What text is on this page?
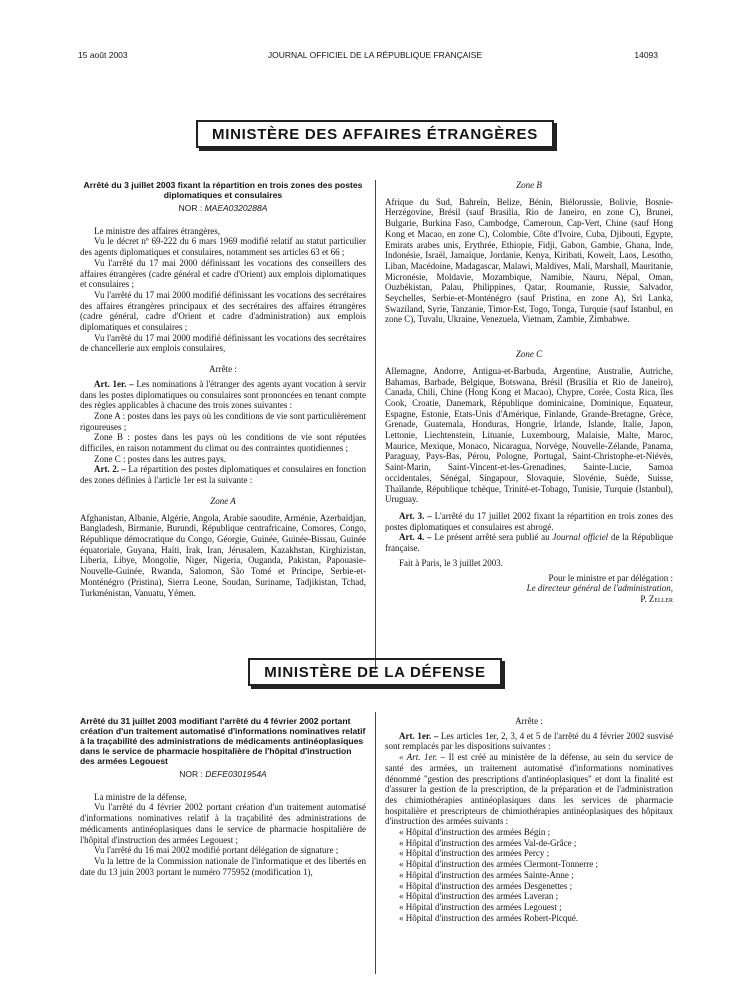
15 août 2003	JOURNAL OFFICIEL DE LA RÉPUBLIQUE FRANÇAISE	14093
MINISTÈRE DES AFFAIRES ÉTRANGÈRES

Arrêté du 3 juillet 2003 fixant la répartition en trois zones des postes diplomatiques et consulaires

NOR : MAEA0320288A

Le ministre des affaires étrangères,

Vu le décret nº 69-222 du 6 mars 1969 modifié relatif au statut particulier des agents diplomatiques et consulaires, notamment ses articles 63 et 66 ;

Vu l'arrêté du 17 mai 2000 définissant les vocations des conseillers des affaires étrangères (cadre général et cadre d'Orient) aux emplois diplomatiques et consulaires ;

Vu l'arrêté du 17 mai 2000 modifié définissant les vocations des secrétaires des affaires étrangères principaux et des secrétaires des affaires étrangères (cadre général, cadre d'Orient et cadre d'administration) aux emplois diplomatiques et consulaires ;

Vu l'arrêté du 17 mai 2000 modifié définissant les vocations des secrétaires de chancellerie aux emplois consulaires,

Arrête :

Art. 1er. – Les nominations à l'étranger des agents ayant vocation à servir dans les postes diplomatiques ou consulaires sont prononcées en tenant compte des règles applicables à chacune des trois zones suivantes :

Zone A : postes dans les pays où les conditions de vie sont particulièrement rigoureuses ;

Zone B : postes dans les pays où les conditions de vie sont réputées difficiles, en raison notamment du climat ou des contraintes quotidiennes ;

Zone C : postes dans les autres pays.

Art. 2. – La répartition des postes diplomatiques et consulaires en fonction des zones définies à l'article 1er est la suivante :

Zone A

Afghanistan, Albanie, Algérie, Angola, Arabie saoudite, Arménie, Azerbaïdjan, Bangladesh, Birmanie, Burundi, République centrafricaine, Comores, Congo, République démocratique du Congo, Géorgie, Guinée, Guinée-Bissau, Guinée équatoriale, Guyana, Haïti, Irak, Iran, Jérusalem, Kazakhstan, Kirghizistan, Liberia, Libye, Mongolie, Niger, Nigeria, Ouganda, Pakistan, Papouasie-Nouvelle-Guinée, Rwanda, Salomon, São Tomé et Príncipe, Serbie-et-Monténégro (Pristina), Sierra Leone, Soudan, Suriname, Tadjikistan, Tchad, Turkménistan, Vanuatu, Yémen.

Zone B

Afrique du Sud, Bahreïn, Belize, Bénin, Biélorussie, Bolivie, Bosnie-Herzégovine, Brésil (sauf Brasilia, Rio de Janeiro, en zone C), Brunei, Bulgarie, Burkina Faso, Cambodge, Cameroun, Cap-Vert, Chine (sauf Hong Kong et Macao, en zone C), Colombie, Côte d'Ivoire, Cuba, Djibouti, Egypte, Emirats arabes unis, Erythrée, Ethiopie, Fidji, Gabon, Gambie, Ghana, Inde, Indonésie, Israël, Jamaïque, Jordanie, Kenya, Kiribati, Koweït, Laos, Lesotho, Liban, Macédoine, Madagascar, Malawi, Maldives, Mali, Marshall, Mauritanie, Micronésie, Moldavie, Mozambique, Namibie, Nauru, Népal, Oman, Ouzbékistan, Palau, Philippines, Qatar, Roumanie, Russie, Salvador, Seychelles, Serbie-et-Monténégro (sauf Pristina, en zone A), Sri Lanka, Swaziland, Syrie, Tanzanie, Timor-Est, Togo, Tonga, Turquie (sauf Istanbul, en zone C), Tuvalu, Ukraine, Venezuela, Vietnam, Zambie, Zimbabwe.

Zone C

Allemagne, Andorre, Antigua-et-Barbuda, Argentine, Australie, Autriche, Bahamas, Barbade, Belgique, Botswana, Brésil (Brasilia et Rio de Janeiro), Canada, Chili, Chine (Hong Kong et Macao), Chypre, Corée, Costa Rica, îles Cook, Croatie, Danemark, République dominicaine, Dominique, Equateur, Espagne, Estonie, Etats-Unis d'Amérique, Finlande, Grande-Bretagne, Grèce, Grenade, Guatemala, Honduras, Hongrie, Irlande, Islande, Italie, Japon, Lettonie, Liechtenstein, Lituanie, Luxembourg, Malaisie, Malte, Maroc, Maurice, Mexique, Monaco, Nicaragua, Norvège, Nouvelle-Zélande, Panama, Paraguay, Pays-Bas, Pérou, Pologne, Portugal, Saint-Christophe-et-Niévès, Saint-Marin, Saint-Vincent-et-les-Grenadines, Sainte-Lucie, Samoa occidentales, Sénégal, Singapour, Slovaquie, Slovénie, Suède, Suisse, Thaïlande, République tchèque, Trinité-et-Tobago, Tunisie, Turquie (Istanbul), Uruguay.

Art. 3. – L'arrêté du 17 juillet 2002 fixant la répartition en trois zones des postes diplomatiques et consulaires est abrogé.

Art. 4. – Le présent arrêté sera publié au Journal officiel de la République française.

Fait à Paris, le 3 juillet 2003.

Pour le ministre et par délégation :

Le directeur général de l'administration,

P. Zeller

MINISTÈRE DE LA DÉFENSE

Arrêté du 31 juillet 2003 modifiant l'arrêté du 4 février 2002 portant création d'un traitement automatisé d'informations nominatives relatif à la traçabilité des administrations de médicaments antinéoplasiques dans le service de pharmacie hospitalière de l'hôpital d'instruction des armées Legouest

NOR : DEFE0301954A

La ministre de la défense,

Vu l'arrêté du 4 février 2002 portant création d'un traitement automatisé d'informations nominatives relatif à la traçabilité des administrations de médicaments antinéoplasiques dans le service de pharmacie hospitalière de l'hôpital d'instruction des armées Legouest ;

Vu l'arrêté du 16 mai 2002 modifié portant délégation de signature ;

Vu la lettre de la Commission nationale de l'informatique et des libertés en date du 13 juin 2003 portant le numéro 775952 (modification 1),

Arrête :

Art. 1er. – Les articles 1er, 2, 3, 4 et 5 de l'arrêté du 4 février 2002 susvisé sont remplacés par les dispositions suivantes :

« Art. 1er. – Il est créé au ministère de la défense, au sein du service de santé des armées, un traitement automatisé d'informations nominatives dénommé "gestion des prescriptions d'antinéoplasiques" et dont la finalité est d'assurer la gestion de la prescription, de la préparation et de l'administration des chimiothérapies antinéoplasiques dans les services de pharmacie hospitalière et prescripteurs de chimiothérapies antinéoplasiques des hôpitaux d'instruction des armées suivants :

« Hôpital d'instruction des armées Bégin ;

« Hôpital d'instruction des armées Val-de-Grâce ;

« Hôpital d'instruction des armées Percy ;

« Hôpital d'instruction des armées Clermont-Tonnerre ;

« Hôpital d'instruction des armées Sainte-Anne ;

« Hôpital d'instruction des armées Desgenettes ;

« Hôpital d'instruction des armées Laveran ;

« Hôpital d'instruction des armées Legouest ;

« Hôpital d'instruction des armées Robert-Picqué.
